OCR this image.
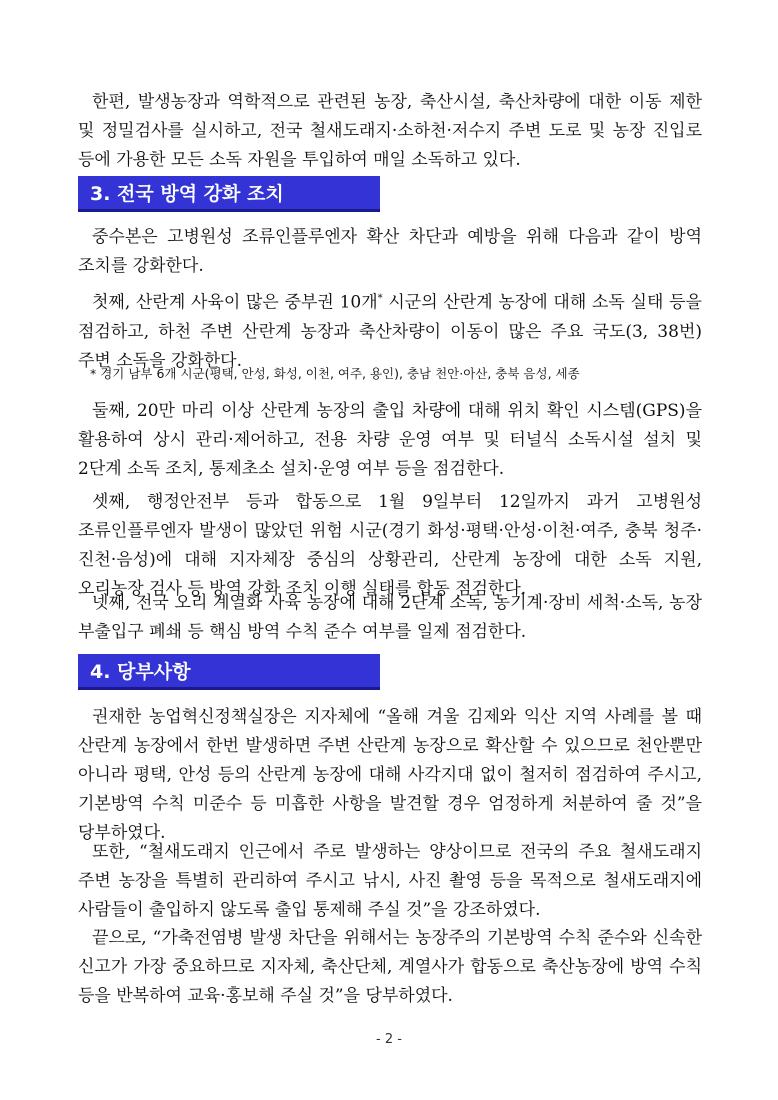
한편, 발생농장과 역학적으로 관련된 농장, 축산시설, 축산차량에 대한 이동 제한 및 정밀검사를 실시하고, 전국 철새도래지·소하천·저수지 주변 도로 및 농장 진입로 등에 가용한 모든 소독 자원을 투입하여 매일 소독하고 있다.

3. 전국 방역 강화 조치

중수본은 고병원성 조류인플루엔자 확산 차단과 예방을 위해 다음과 같이 방역 조치를 강화한다.

첫째, 산란계 사육이 많은 중부권 10개* 시군의 산란계 농장에 대해 소독 실태 등을 점검하고, 하천 주변 산란계 농장과 축산차량이 이동이 많은 주요 국도(3, 38번) 주변 소독을 강화한다.

* 경기 남부 6개 시군(평택, 안성, 화성, 이천, 여주, 용인), 충남 천안·아산, 충북 음성, 세종

둘째, 20만 마리 이상 산란계 농장의 출입 차량에 대해 위치 확인 시스템(GPS)을 활용하여 상시 관리·제어하고, 전용 차량 운영 여부 및 터널식 소독시설 설치 및 2단계 소독 조치, 통제초소 설치·운영 여부 등을 점검한다.

셋째, 행정안전부 등과 합동으로 1월 9일부터 12일까지 과거 고병원성 조류인플루엔자 발생이 많았던 위험 시군(경기 화성·평택·안성·이천·여주, 충북 청주·진천·음성)에 대해 지자체장 중심의 상황관리, 산란계 농장에 대한 소독 지원, 오리농장 검사 등 방역 강화 조치 이행 실태를 합동 점검한다.

넷째, 전국 오리 계열화 사육 농장에 대해 2단계 소독, 농기계·장비 세척·소독, 농장 부출입구 폐쇄 등 핵심 방역 수칙 준수 여부를 일제 점검한다.

4. 당부사항

권재한 농업혁신정책실장은 지자체에 “올해 겨울 김제와 익산 지역 사례를 볼 때 산란계 농장에서 한번 발생하면 주변 산란계 농장으로 확산할 수 있으므로 천안뿐만 아니라 평택, 안성 등의 산란계 농장에 대해 사각지대 없이 철저히 점검하여 주시고, 기본방역 수칙 미준수 등 미흡한 사항을 발견할 경우 엄정하게 처분하여 줄 것”을 당부하였다.

또한, “철새도래지 인근에서 주로 발생하는 양상이므로 전국의 주요 철새도래지 주변 농장을 특별히 관리하여 주시고 낚시, 사진 촬영 등을 목적으로 철새도래지에 사람들이 출입하지 않도록 출입 통제해 주실 것”을 강조하였다.

끝으로, “가축전염병 발생 차단을 위해서는 농장주의 기본방역 수칙 준수와 신속한 신고가 가장 중요하므로 지자체, 축산단체, 계열사가 합동으로 축산농장에 방역 수칙 등을 반복하여 교육·홍보해 주실 것”을 당부하였다.

- 2 -
